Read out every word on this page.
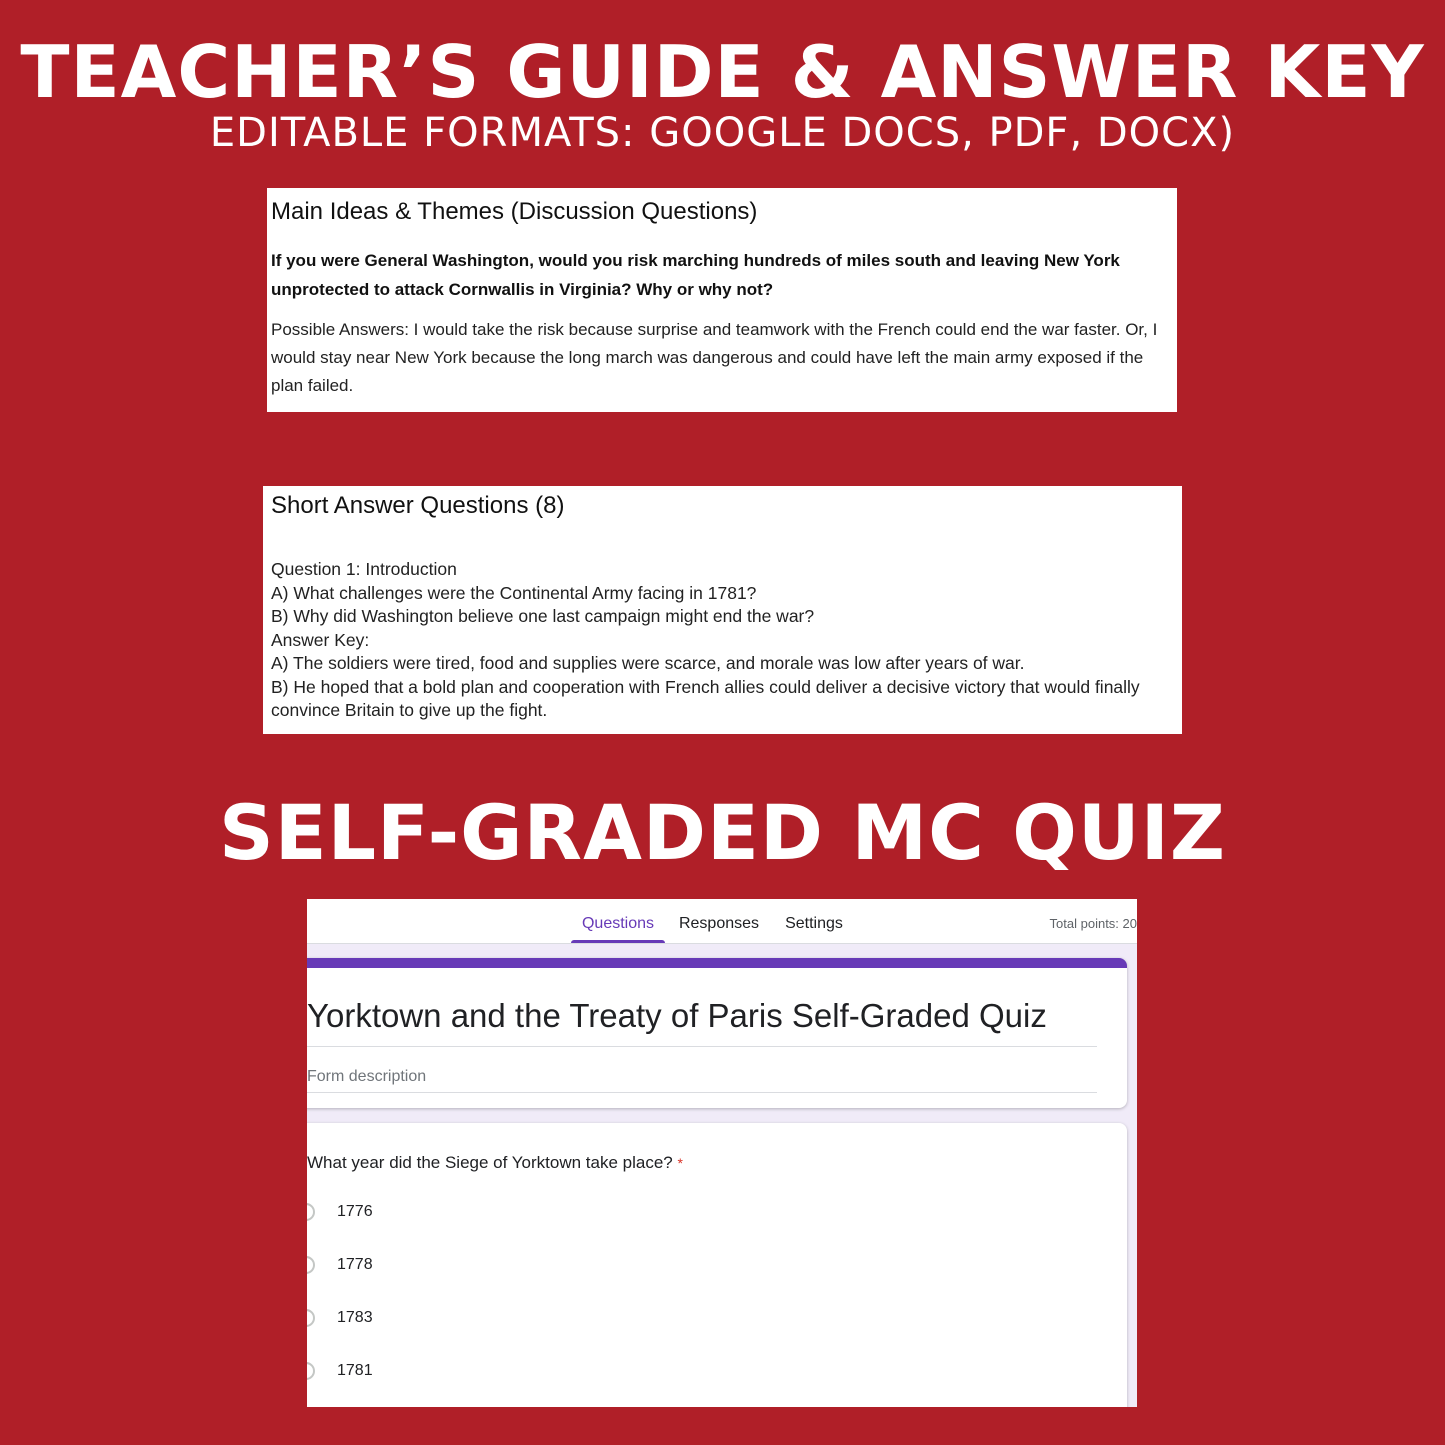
TEACHER’S GUIDE & ANSWER KEY
EDITABLE FORMATS: GOOGLE DOCS, PDF, DOCX)
Main Ideas & Themes (Discussion Questions)
If you were General Washington, would you risk marching hundreds of miles south and leaving New York unprotected to attack Cornwallis in Virginia? Why or why not?
Possible Answers: I would take the risk because surprise and teamwork with the French could end the war faster. Or, I would stay near New York because the long march was dangerous and could have left the main army exposed if the plan failed.
Short Answer Questions (8)
Question 1: Introduction
A) What challenges were the Continental Army facing in 1781?
B) Why did Washington believe one last campaign might end the war?
Answer Key:
A) The soldiers were tired, food and supplies were scarce, and morale was low after years of war.
B) He hoped that a bold plan and cooperation with French allies could deliver a decisive victory that would finally convince Britain to give up the fight.
SELF-GRADED MC QUIZ
Questions	Responses	Settings	Total points: 20
Yorktown and the Treaty of Paris Self-Graded Quiz
Form description
What year did the Siege of Yorktown take place? *
1776
1778
1783
1781
